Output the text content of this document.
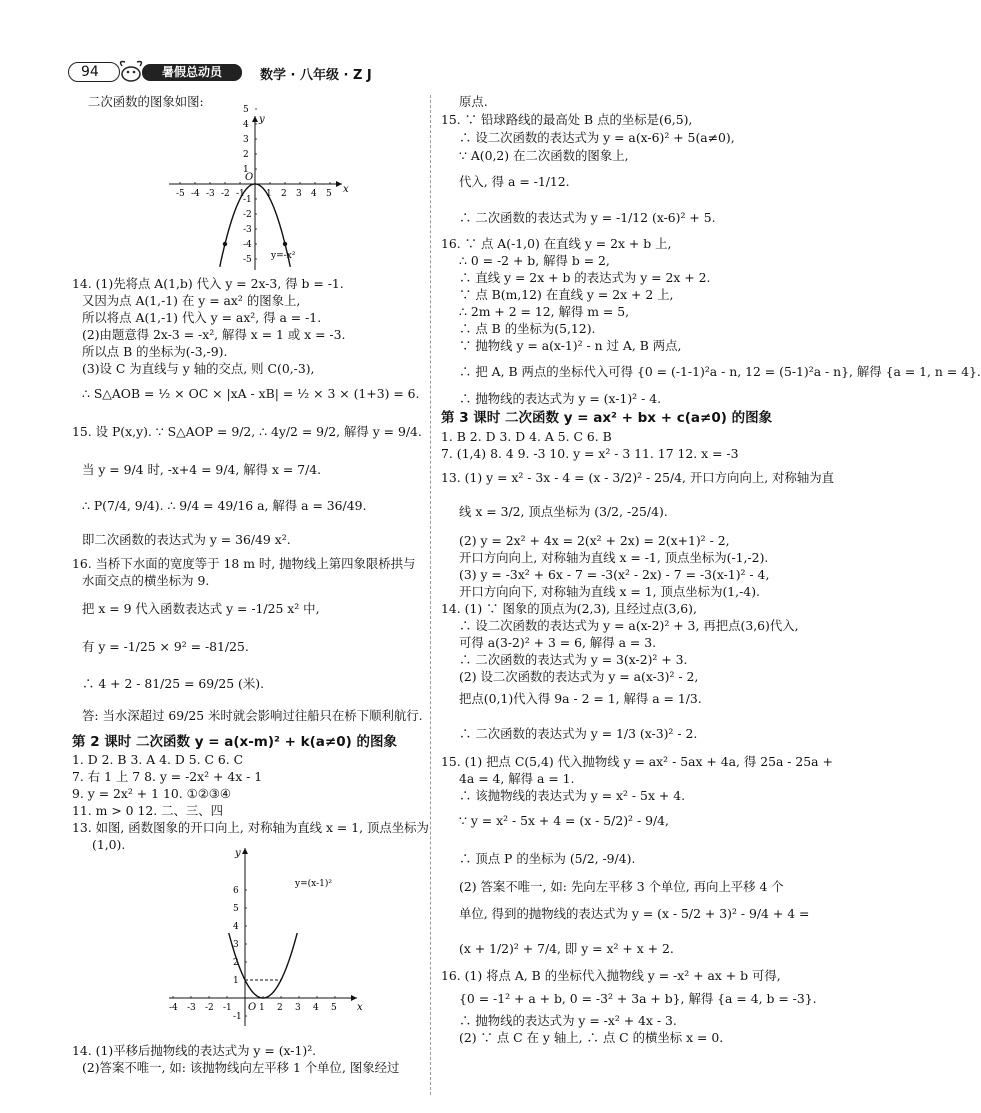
94	暑假总动员	数学 · 八年级 · Z J
二次函数的图象如图:
14. (1)先将点 A(1,b) 代入 y = 2x-3, 得 b = -1.
又因为点 A(1,-1) 在 y = ax² 的图象上,
所以将点 A(1,-1) 代入 y = ax², 得 a = -1.
(2)由题意得 2x-3 = -x², 解得 x = 1 或 x = -3.
所以点 B 的坐标为(-3,-9).
(3)设 C 为直线与 y 轴的交点, 则 C(0,-3),
∴ S△AOB = ½ × OC × |xA - xB| = ½ × 3 × (1+3) = 6.
15. 设 P(x,y). ∵ S△AOP = 9/2, ∴ 4y/2 = 9/2, 解得 y = 9/4.
当 y = 9/4 时, -x+4 = 9/4, 解得 x = 7/4.
∴ P(7/4, 9/4). ∴ 9/4 = 49/16 a, 解得 a = 36/49.
即二次函数的表达式为 y = 36/49 x².
16. 当桥下水面的宽度等于 18 m 时, 抛物线上第四象限桥拱与
水面交点的横坐标为 9.
把 x = 9 代入函数表达式 y = -1/25 x² 中,
有 y = -1/25 × 9² = -81/25.
∴ 4 + 2 - 81/25 = 69/25 (米).
答: 当水深超过 69/25 米时就会影响过往船只在桥下顺利航行.
第 2 课时 二次函数 y = a(x-m)² + k(a≠0) 的图象
1. D 2. B 3. A 4. D 5. C 6. C
7. 右 1 上 7 8. y = -2x² + 4x - 1
9. y = 2x² + 1 10. ①②③④
11. m > 0 12. 二、三、四
13. 如图, 函数图象的开口向上, 对称轴为直线 x = 1, 顶点坐标为
(1,0).
14. (1)平移后抛物线的表达式为 y = (x-1)².
(2)答案不唯一, 如: 该抛物线向左平移 1 个单位, 图象经过
-5 -4 -3 -2 -1 1 2 3 4 5
5
4
3
2
1
-1
-2
-3
-4
-5
x
y
O
y=-x²
-4 -3 -2 -1	1 2 3 4 5
6
5
4
3
2
1
-1
x
y
O
y=(x-1)²
原点.
15. ∵ 铅球路线的最高处 B 点的坐标是(6,5),
∴ 设二次函数的表达式为 y = a(x-6)² + 5(a≠0),
∵ A(0,2) 在二次函数的图象上,
代入, 得 a = -1/12.
∴ 二次函数的表达式为 y = -1/12 (x-6)² + 5.
16. ∵ 点 A(-1,0) 在直线 y = 2x + b 上,
∴ 0 = -2 + b, 解得 b = 2,
∴ 直线 y = 2x + b 的表达式为 y = 2x + 2.
∵ 点 B(m,12) 在直线 y = 2x + 2 上,
∴ 2m + 2 = 12, 解得 m = 5,
∴ 点 B 的坐标为(5,12).
∵ 抛物线 y = a(x-1)² - n 过 A, B 两点,
∴ 把 A, B 两点的坐标代入可得 {0 = (-1-1)²a - n, 12 = (5-1)²a - n}, 解得 {a = 1, n = 4}.
∴ 抛物线的表达式为 y = (x-1)² - 4.
第 3 课时 二次函数 y = ax² + bx + c(a≠0) 的图象
1. B 2. D 3. D 4. A 5. C 6. B
7. (1,4) 8. 4 9. -3 10. y = x² - 3 11. 17 12. x = -3
13. (1) y = x² - 3x - 4 = (x - 3/2)² - 25/4, 开口方向向上, 对称轴为直
线 x = 3/2, 顶点坐标为 (3/2, -25/4).
(2) y = 2x² + 4x = 2(x² + 2x) = 2(x+1)² - 2,
开口方向向上, 对称轴为直线 x = -1, 顶点坐标为(-1,-2).
(3) y = -3x² + 6x - 7 = -3(x² - 2x) - 7 = -3(x-1)² - 4,
开口方向向下, 对称轴为直线 x = 1, 顶点坐标为(1,-4).
14. (1) ∵ 图象的顶点为(2,3), 且经过点(3,6),
∴ 设二次函数的表达式为 y = a(x-2)² + 3, 再把点(3,6)代入,
可得 a(3-2)² + 3 = 6, 解得 a = 3.
∴ 二次函数的表达式为 y = 3(x-2)² + 3.
(2) 设二次函数的表达式为 y = a(x-3)² - 2,
把点(0,1)代入得 9a - 2 = 1, 解得 a = 1/3.
∴ 二次函数的表达式为 y = 1/3 (x-3)² - 2.
15. (1) 把点 C(5,4) 代入抛物线 y = ax² - 5ax + 4a, 得 25a - 25a +
4a = 4, 解得 a = 1.
∴ 该抛物线的表达式为 y = x² - 5x + 4.
∵ y = x² - 5x + 4 = (x - 5/2)² - 9/4,
∴ 顶点 P 的坐标为 (5/2, -9/4).
(2) 答案不唯一, 如: 先向左平移 3 个单位, 再向上平移 4 个
单位, 得到的抛物线的表达式为 y = (x - 5/2 + 3)² - 9/4 + 4 =
(x + 1/2)² + 7/4, 即 y = x² + x + 2.
16. (1) 将点 A, B 的坐标代入抛物线 y = -x² + ax + b 可得,
{0 = -1² + a + b, 0 = -3² + 3a + b}, 解得 {a = 4, b = -3}.
∴ 抛物线的表达式为 y = -x² + 4x - 3.
(2) ∵ 点 C 在 y 轴上, ∴ 点 C 的横坐标 x = 0.
